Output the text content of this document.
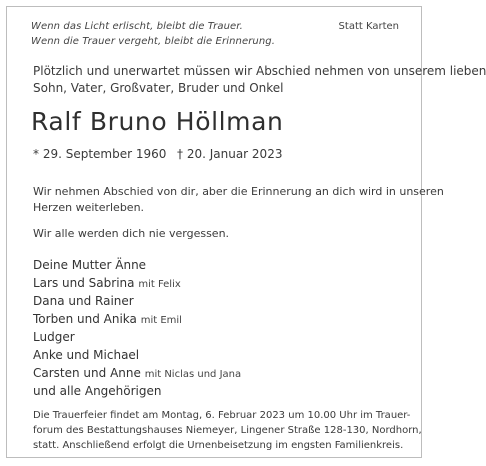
Wenn das Licht erlischt, bleibt die Trauer.
Wenn die Trauer vergeht, bleibt die Erinnerung.
Statt Karten
Plötzlich und unerwartet müssen wir Abschied nehmen von unserem lieben
Sohn, Vater, Großvater, Bruder und Onkel
Ralf Bruno Höllman
* 29. September 1960 † 20. Januar 2023
Wir nehmen Abschied von dir, aber die Erinnerung an dich wird in unseren
Herzen weiterleben.
Wir alle werden dich nie vergessen.
Deine Mutter Änne
Lars und Sabrina mit Felix
Dana und Rainer
Torben und Anika mit Emil
Ludger
Anke und Michael
Carsten und Anne mit Niclas und Jana
und alle Angehörigen
Die Trauerfeier findet am Montag, 6. Februar 2023 um 10.00 Uhr im Trauer-
forum des Bestattungshauses Niemeyer, Lingener Straße 128-130, Nordhorn,
statt. Anschließend erfolgt die Urnenbeisetzung im engsten Familienkreis.
